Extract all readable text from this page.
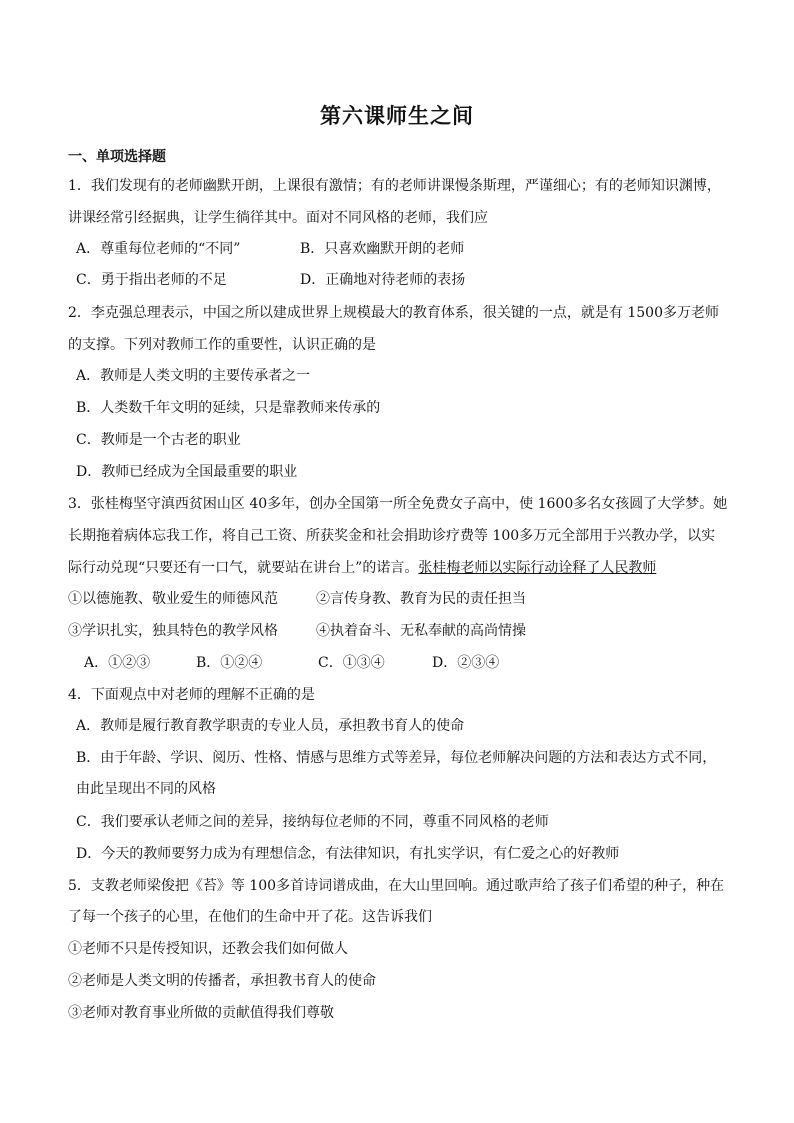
第六课师生之间
一、单项选择题
1．我们发现有的老师幽默开朗，上课很有激情；有的老师讲课慢条斯理，严谨细心；有的老师知识渊博，
讲课经常引经据典，让学生徜徉其中。面对不同风格的老师，我们应
A．尊重每位老师的“不同”	B．只喜欢幽默开朗的老师
C．勇于指出老师的不足	D．正确地对待老师的表扬
2．李克强总理表示，中国之所以建成世界上规模最大的教育体系，很关键的一点，就是有 1500多万老师
的支撑。下列对教师工作的重要性，认识正确的是
A．教师是人类文明的主要传承者之一
B．人类数千年文明的延续，只是靠教师来传承的
C．教师是一个古老的职业
D．教师已经成为全国最重要的职业
3．张桂梅坚守滇西贫困山区 40多年，创办全国第一所全免费女子高中，使 1600多名女孩圆了大学梦。她
长期拖着病体忘我工作，将自己工资、所获奖金和社会捐助诊疗费等 100多万元全部用于兴教办学，以实
际行动兑现“只要还有一口气，就要站在讲台上”的诺言。张桂梅老师以实际行动诠释了人民教师
①以德施教、敬业爱生的师德风范	②言传身教、教育为民的责任担当
③学识扎实，独具特色的教学风格	④执着奋斗、无私奉献的高尚情操
A．①②③	B．①②④	C．①③④	D．②③④
4．下面观点中对老师的理解不正确的是
A．教师是履行教育教学职责的专业人员，承担教书育人的使命
B．由于年龄、学识、阅历、性格、情感与思维方式等差异，每位老师解决问题的方法和表达方式不同，
由此呈现出不同的风格
C．我们要承认老师之间的差异，接纳每位老师的不同，尊重不同风格的老师
D．今天的教师要努力成为有理想信念，有法律知识，有扎实学识，有仁爱之心的好教师
5．支教老师梁俊把《苔》等 100多首诗词谱成曲，在大山里回响。通过歌声给了孩子们希望的种子，种在
了每一个孩子的心里，在他们的生命中开了花。这告诉我们
①老师不只是传授知识，还教会我们如何做人
②老师是人类文明的传播者，承担教书育人的使命
③老师对教育事业所做的贡献值得我们尊敬
